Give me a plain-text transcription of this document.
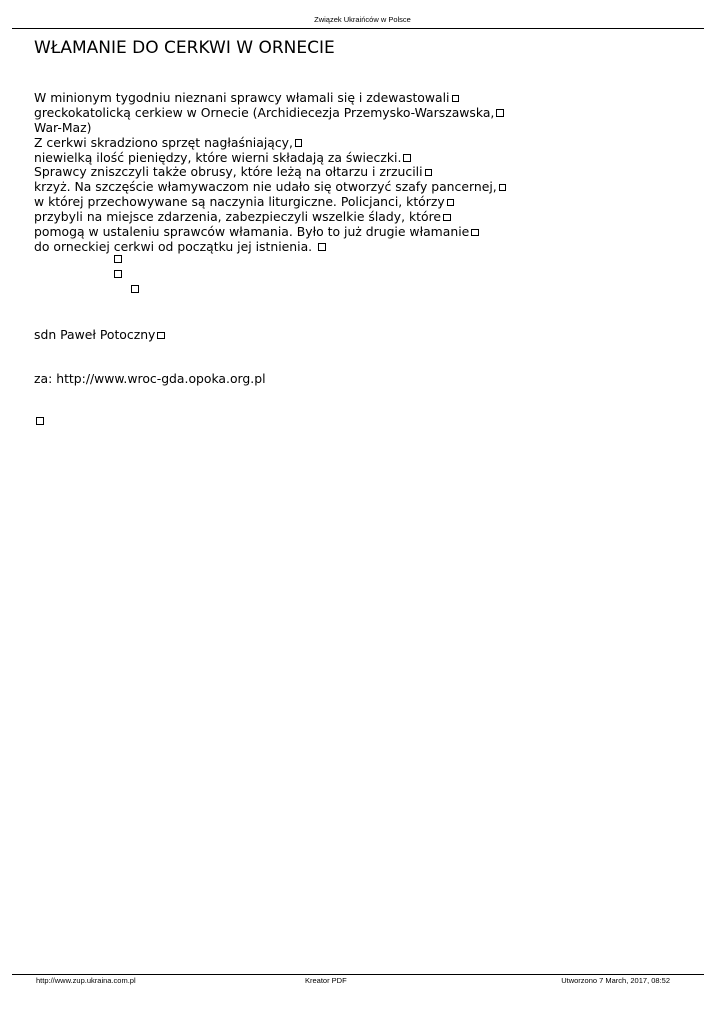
Związek Ukraińców w Polsce
WŁAMANIE DO CERKWI W ORNECIE
W minionym tygodniu nieznani sprawcy włamali się i zdewastowali
greckokatolicką cerkiew w Ornecie (Archidiecezja Przemysko-Warszawska,
War-Maz)
Z cerkwi skradziono sprzęt nagłaśniający,
niewielką ilość pieniędzy, które wierni składają za świeczki.
Sprawcy zniszczyli także obrusy, które leżą na ołtarzu i zrzucili
krzyż. Na szczęście włamywaczom nie udało się otworzyć szafy pancernej,
w której przechowywane są naczynia liturgiczne. Policjanci, którzy
przybyli na miejsce zdarzenia, zabezpieczyli wszelkie ślady, które
pomogą w ustaleniu sprawców włamania. Było to już drugie włamanie
do orneckiej cerkwi od początku jej istnienia.
sdn Paweł Potoczny
za: http://www.wroc-gda.opoka.org.pl
http://www.zup.ukraina.com.pl	Kreator PDF	Utworzono 7 March, 2017, 08:52
